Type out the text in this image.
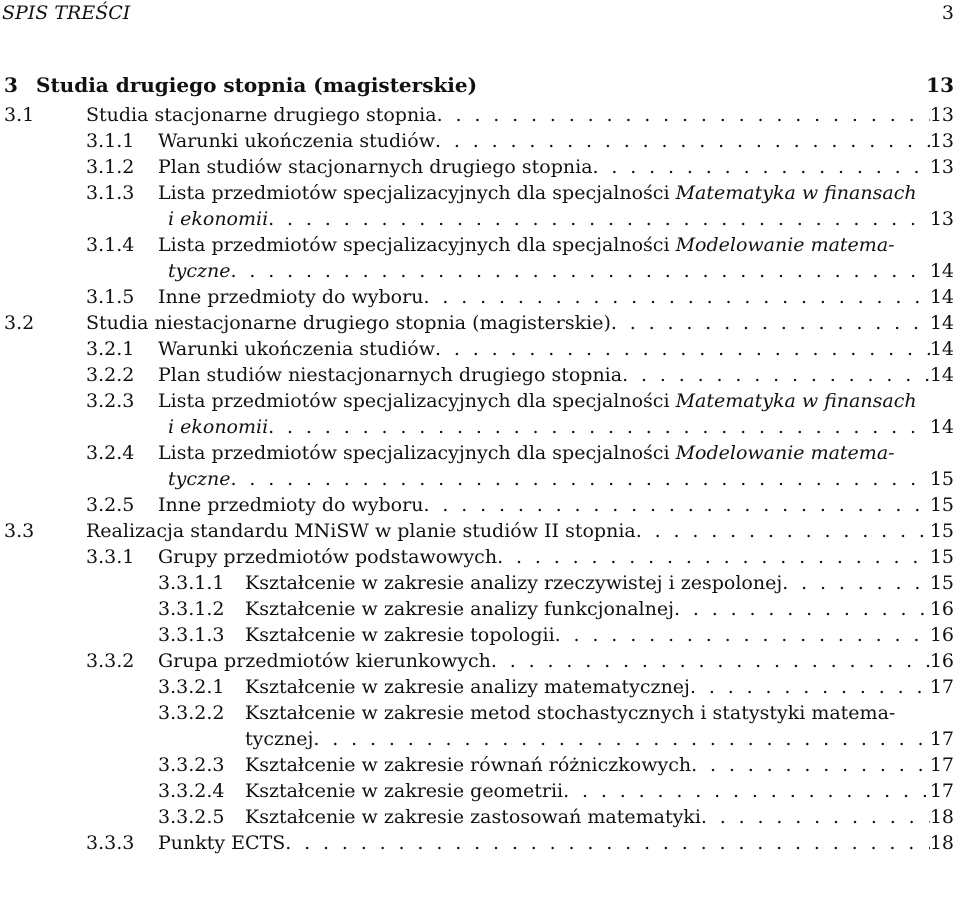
SPIS TREŚCI	3
3 Studia drugiego stopnia (magisterskie)	13
3.1	Studia stacjonarne drugiego stopnia . . .	13
3.1.1 Warunki ukończenia studiów . . .	13
3.1.2 Plan studiów stacjonarnych drugiego stopnia . . .	13
3.1.3 Lista przedmiotów specjalizacyjnych dla specjalności Matematyka w finansach
i ekonomii . . .	13
3.1.4 Lista przedmiotów specjalizacyjnych dla specjalności Modelowanie matema-
tyczne . . .	14
3.1.5 Inne przedmioty do wyboru . . .	14
3.2	Studia niestacjonarne drugiego stopnia (magisterskie) . . .	14
3.2.1 Warunki ukończenia studiów . . .	14
3.2.2 Plan studiów niestacjonarnych drugiego stopnia . . .	14
3.2.3 Lista przedmiotów specjalizacyjnych dla specjalności Matematyka w finansach
i ekonomii . . .	14
3.2.4 Lista przedmiotów specjalizacyjnych dla specjalności Modelowanie matema-
tyczne . . .	15
3.2.5 Inne przedmioty do wyboru . . .	15
3.3	Realizacja standardu MNiSW w planie studiów II stopnia . . .	15
3.3.1 Grupy przedmiotów podstawowych . . .	15
3.3.1.1 Kształcenie w zakresie analizy rzeczywistej i zespolonej . . .	15
3.3.1.2 Kształcenie w zakresie analizy funkcjonalnej . . .	16
3.3.1.3 Kształcenie w zakresie topologii . . .	16
3.3.2 Grupa przedmiotów kierunkowych . . .	16
3.3.2.1 Kształcenie w zakresie analizy matematycznej . . .	17
3.3.2.2 Kształcenie w zakresie metod stochastycznych i statystyki matema-
tycznej . . .	17
3.3.2.3 Kształcenie w zakresie równań różniczkowych . . .	17
3.3.2.4 Kształcenie w zakresie geometrii . . .	17
3.3.2.5 Kształcenie w zakresie zastosowań matematyki . . .	18
3.3.3 Punkty ECTS . . .	18
